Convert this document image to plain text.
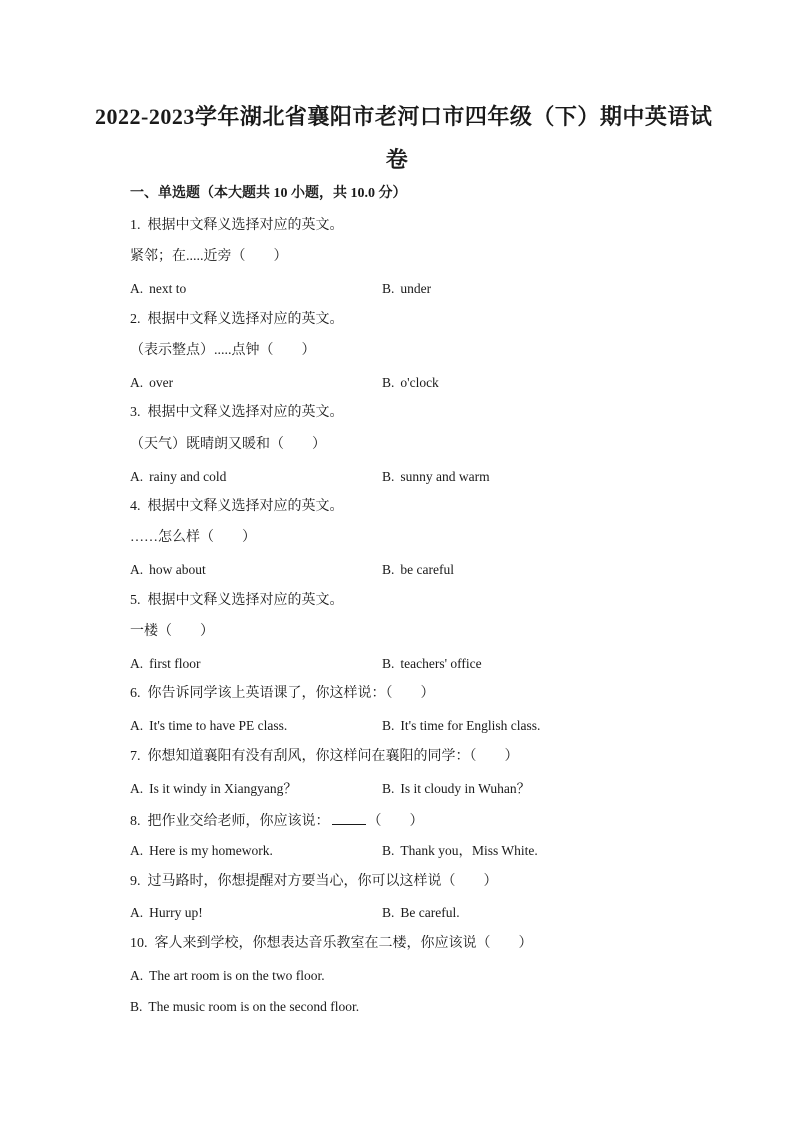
2022-2023学年湖北省襄阳市老河口市四年级（下）期中英语试
卷
一、单选题（本大题共 10 小题，共 10.0 分）
1. 根据中文释义选择对应的英文。
紧邻；在.....近旁（　　）
A. next to	B. under
2. 根据中文释义选择对应的英文。
（表示整点）.....点钟（　　）
A. over	B. o'clock
3. 根据中文释义选择对应的英文。
（天气）既晴朗又暖和（　　）
A. rainy and cold	B. sunny and warm
4. 根据中文释义选择对应的英文。
……怎么样（　　）
A. how about	B. be careful
5. 根据中文释义选择对应的英文。
一楼（　　）
A. first floor	B. teachers' office
6. 你告诉同学该上英语课了，你这样说：（　　）
A. It's time to have PE class.	B. It's time for English class.
7. 你想知道襄阳有没有刮风，你这样问在襄阳的同学：（　　）
A. Is it windy in Xiangyang？	B. Is it cloudy in Wuhan？
8. 把作业交给老师，你应该说：	（　　）
A. Here is my homework.	B. Thank you，Miss White.
9. 过马路时，你想提醒对方要当心，你可以这样说（　　）
A. Hurry up!	B. Be careful.
10. 客人来到学校，你想表达音乐教室在二楼，你应该说（　　）
A. The art room is on the two floor.
B. The music room is on the second floor.
